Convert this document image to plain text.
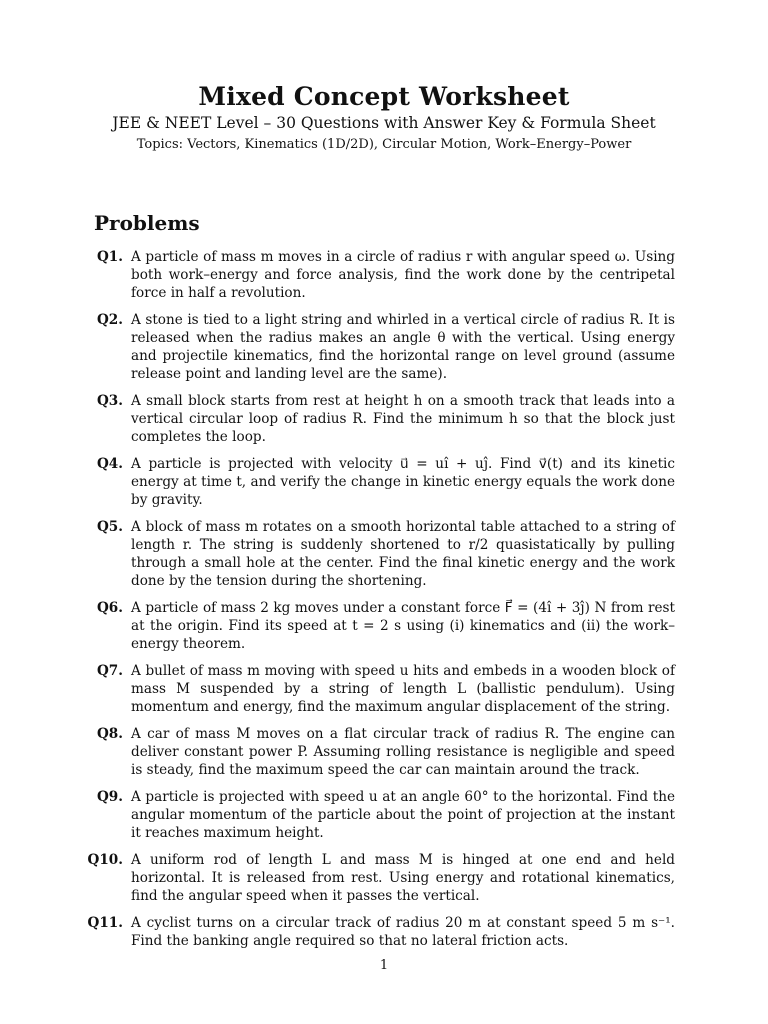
Mixed Concept Worksheet
JEE & NEET Level – 30 Questions with Answer Key & Formula Sheet
Topics: Vectors, Kinematics (1D/2D), Circular Motion, Work–Energy–Power
Problems
Q1. A particle of mass m moves in a circle of radius r with angular speed ω. Using both work–energy and force analysis, find the work done by the centripetal force in half a revolution.
Q2. A stone is tied to a light string and whirled in a vertical circle of radius R. It is released when the radius makes an angle θ with the vertical. Using energy and projectile kinematics, find the horizontal range on level ground (assume release point and landing level are the same).
Q3. A small block starts from rest at height h on a smooth track that leads into a vertical circular loop of radius R. Find the minimum h so that the block just completes the loop.
Q4. A particle is projected with velocity u⃗ = uî + uĵ. Find v⃗(t) and its kinetic energy at time t, and verify the change in kinetic energy equals the work done by gravity.
Q5. A block of mass m rotates on a smooth horizontal table attached to a string of length r. The string is suddenly shortened to r/2 quasistatically by pulling through a small hole at the center. Find the final kinetic energy and the work done by the tension during the shortening.
Q6. A particle of mass 2 kg moves under a constant force F⃗ = (4î + 3ĵ) N from rest at the origin. Find its speed at t = 2 s using (i) kinematics and (ii) the work–energy theorem.
Q7. A bullet of mass m moving with speed u hits and embeds in a wooden block of mass M suspended by a string of length L (ballistic pendulum). Using momentum and energy, find the maximum angular displacement of the string.
Q8. A car of mass M moves on a flat circular track of radius R. The engine can deliver constant power P. Assuming rolling resistance is negligible and speed is steady, find the maximum speed the car can maintain around the track.
Q9. A particle is projected with speed u at an angle 60° to the horizontal. Find the angular momentum of the particle about the point of projection at the instant it reaches maximum height.
Q10. A uniform rod of length L and mass M is hinged at one end and held horizontal. It is released from rest. Using energy and rotational kinematics, find the angular speed when it passes the vertical.
Q11. A cyclist turns on a circular track of radius 20 m at constant speed 5 m s⁻¹. Find the banking angle required so that no lateral friction acts.
1
